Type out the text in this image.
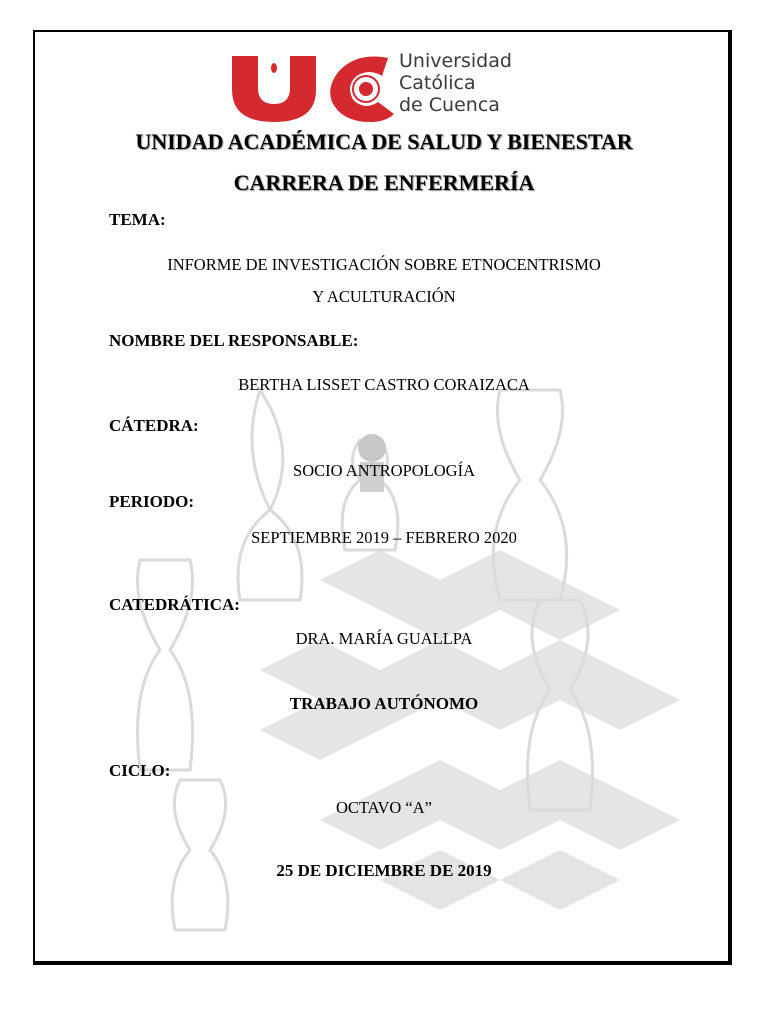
Universidad
Católica
de Cuenca
UNIDAD ACADÉMICA DE SALUD Y BIENESTAR
CARRERA DE ENFERMERÍA
TEMA:
INFORME DE INVESTIGACIÓN SOBRE ETNOCENTRISMO
Y ACULTURACIÓN
NOMBRE DEL RESPONSABLE:
BERTHA LISSET CASTRO CORAIZACA
CÁTEDRA:
SOCIO ANTROPOLOGÍA
PERIODO:
SEPTIEMBRE 2019 – FEBRERO 2020
CATEDRÁTICA:
DRA. MARÍA GUALLPA
TRABAJO AUTÓNOMO
CICLO:
OCTAVO “A”
25 DE DICIEMBRE DE 2019
